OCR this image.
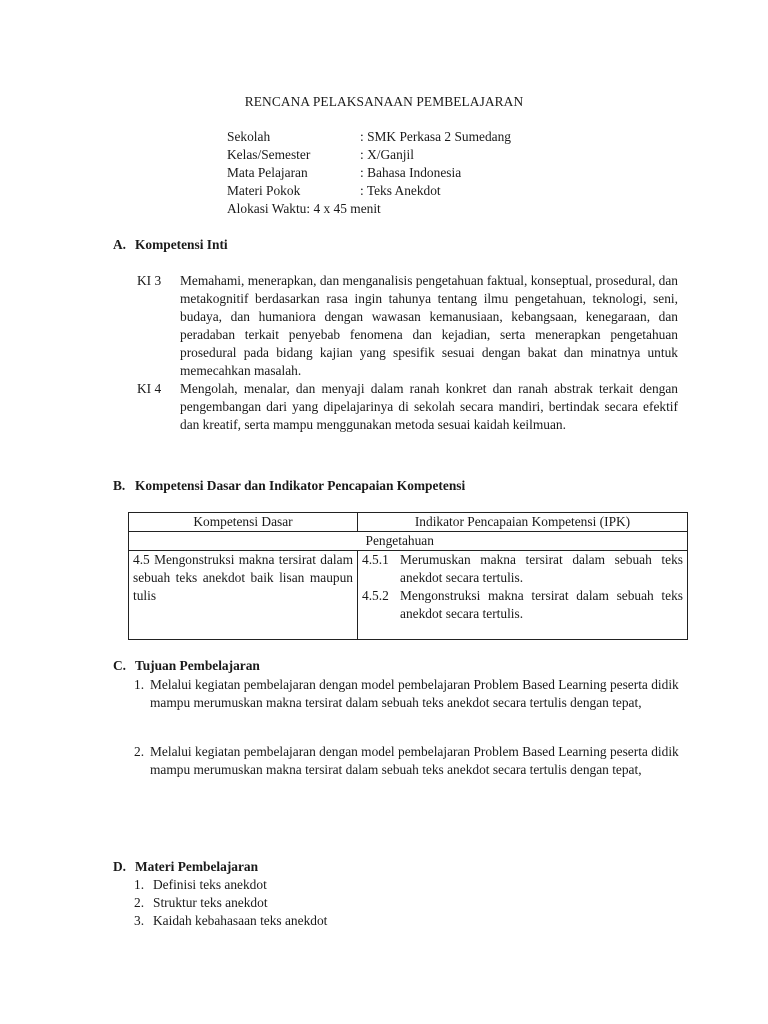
RENCANA PELAKSANAAN PEMBELAJARAN
Sekolah	: SMK Perkasa 2 Sumedang
Kelas/Semester	: X/Ganjil
Mata Pelajaran	: Bahasa Indonesia
Materi Pokok	: Teks Anekdot
Alokasi Waktu: 4 x 45 menit
A. Kompetensi Inti
KI 3 Memahami, menerapkan, dan menganalisis pengetahuan faktual, konseptual, prosedural, dan metakognitif berdasarkan rasa ingin tahunya tentang ilmu pengetahuan, teknologi, seni, budaya, dan humaniora dengan wawasan kemanusiaan, kebangsaan, kenegaraan, dan peradaban terkait penyebab fenomena dan kejadian, serta menerapkan pengetahuan prosedural pada bidang kajian yang spesifik sesuai dengan bakat dan minatnya untuk memecahkan masalah.
KI 4 Mengolah, menalar, dan menyaji dalam ranah konkret dan ranah abstrak terkait dengan pengembangan dari yang dipelajarinya di sekolah secara mandiri, bertindak secara efektif dan kreatif, serta mampu menggunakan metoda sesuai kaidah keilmuan.
B. Kompetensi Dasar dan Indikator Pencapaian Kompetensi
Kompetensi Dasar	Indikator Pencapaian Kompetensi (IPK)
	Pengetahuan
4.5 Mengonstruksi makna tersirat dalam sebuah teks anekdot baik lisan maupun tulis	4.5.1 Merumuskan makna tersirat dalam sebuah teks anekdot secara tertulis.
4.5.2 Mengonstruksi makna tersirat dalam sebuah teks anekdot secara tertulis.
C. Tujuan Pembelajaran
1. Melalui kegiatan pembelajaran dengan model pembelajaran Problem Based Learning peserta didik mampu merumuskan makna tersirat dalam sebuah teks anekdot secara tertulis dengan tepat,
2. Melalui kegiatan pembelajaran dengan model pembelajaran Problem Based Learning peserta didik mampu merumuskan makna tersirat dalam sebuah teks anekdot secara tertulis dengan tepat,
D. Materi Pembelajaran
1. Definisi teks anekdot
2. Struktur teks anekdot
3. Kaidah kebahasaan teks anekdot
